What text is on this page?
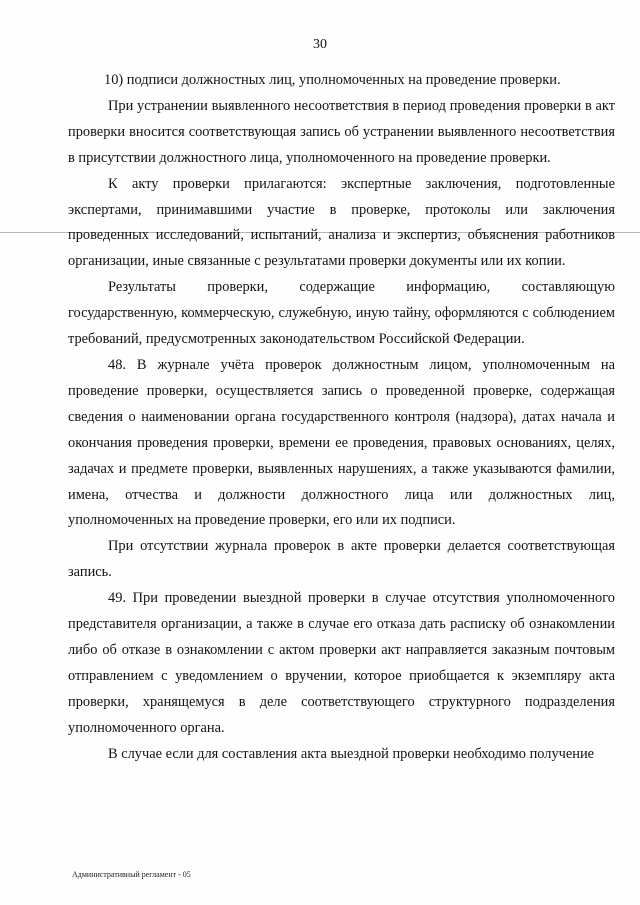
30

10) подписи должностных лиц, уполномоченных на проведение проверки.

При устранении выявленного несоответствия в период проведения проверки в акт проверки вносится соответствующая запись об устранении выявленного несоответствия в присутствии должностного лица, уполномоченного на проведение проверки.

К акту проверки прилагаются: экспертные заключения, подготовленные экспертами, принимавшими участие в проверке, протоколы или заключения проведенных исследований, испытаний, анализа и экспертиз, объяснения работников организации, иные связанные с результатами проверки документы или их копии.

Результаты проверки, содержащие информацию, составляющую государственную, коммерческую, служебную, иную тайну, оформляются с соблюдением требований, предусмотренных законодательством Российской Федерации.

48. В журнале учёта проверок должностным лицом, уполномоченным на проведение проверки, осуществляется запись о проведенной проверке, содержащая сведения о наименовании органа государственного контроля (надзора), датах начала и окончания проведения проверки, времени ее проведения, правовых основаниях, целях, задачах и предмете проверки, выявленных нарушениях, а также указываются фамилии, имена, отчества и должности должностного лица или должностных лиц, уполномоченных на проведение проверки, его или их подписи.

При отсутствии журнала проверок в акте проверки делается соответствующая запись.

49. При проведении выездной проверки в случае отсутствия уполномоченного представителя организации, а также в случае его отказа дать расписку об ознакомлении либо об отказе в ознакомлении с актом проверки акт направляется заказным почтовым отправлением с уведомлением о вручении, которое приобщается к экземпляру акта проверки, хранящемуся в деле соответствующего структурного подразделения уполномоченного органа.

В случае если для составления акта выездной проверки необходимо получение

Административный регламент - 05
